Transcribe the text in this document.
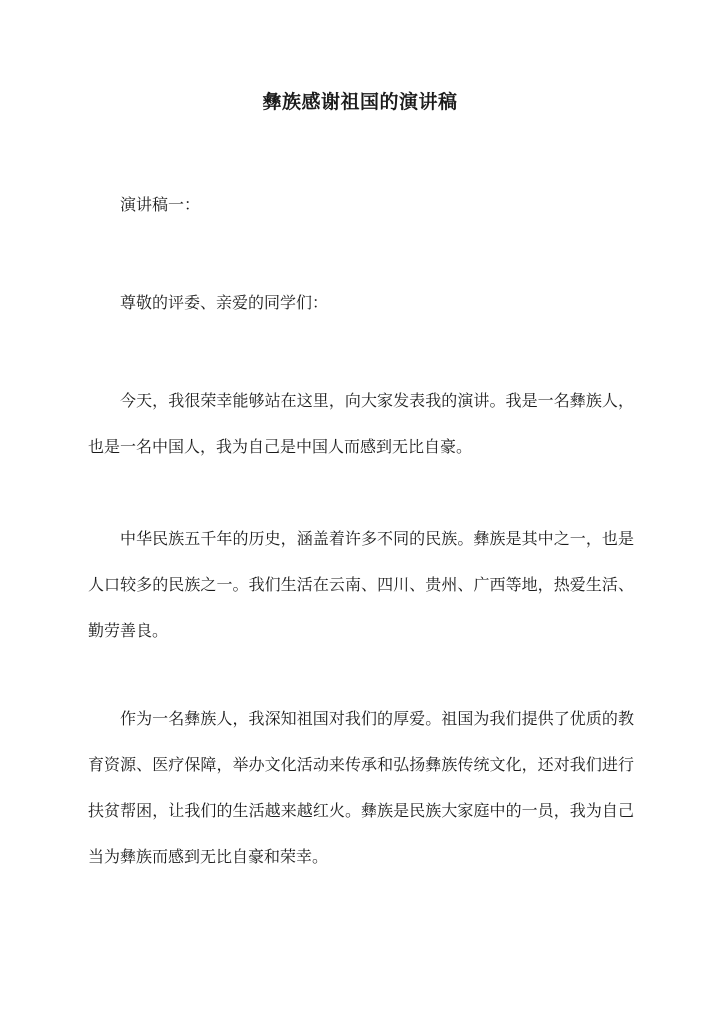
彝族感谢祖国的演讲稿
演讲稿一：
尊敬的评委、亲爱的同学们：
今天，我很荣幸能够站在这里，向大家发表我的演讲。我是一名彝族人，也是一名中国人，我为自己是中国人而感到无比自豪。
中华民族五千年的历史，涵盖着许多不同的民族。彝族是其中之一，也是人口较多的民族之一。我们生活在云南、四川、贵州、广西等地，热爱生活、勤劳善良。
作为一名彝族人，我深知祖国对我们的厚爱。祖国为我们提供了优质的教育资源、医疗保障，举办文化活动来传承和弘扬彝族传统文化，还对我们进行扶贫帮困，让我们的生活越来越红火。彝族是民族大家庭中的一员，我为自己当为彝族而感到无比自豪和荣幸。
